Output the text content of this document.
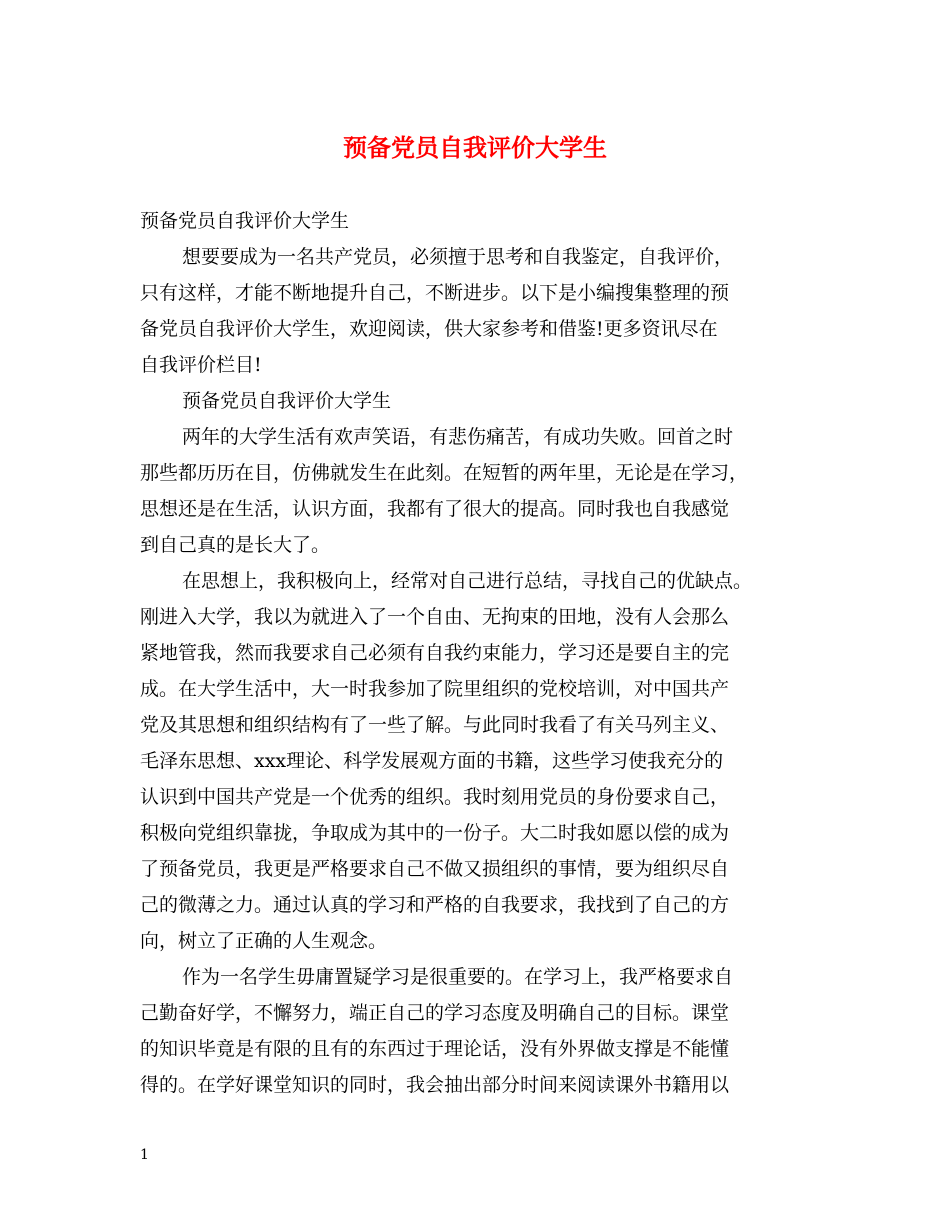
预备党员自我评价大学生
预备党员自我评价大学生
想要要成为一名共产党员，必须擅于思考和自我鉴定，自我评价，
只有这样，才能不断地提升自己，不断进步。以下是小编搜集整理的预
备党员自我评价大学生，欢迎阅读，供大家参考和借鉴!更多资讯尽在
自我评价栏目!
预备党员自我评价大学生
两年的大学生活有欢声笑语，有悲伤痛苦，有成功失败。回首之时
那些都历历在目，仿佛就发生在此刻。在短暂的两年里，无论是在学习，
思想还是在生活，认识方面，我都有了很大的提高。同时我也自我感觉
到自己真的是长大了。
在思想上，我积极向上，经常对自己进行总结，寻找自己的优缺点。
刚进入大学，我以为就进入了一个自由、无拘束的田地，没有人会那么
紧地管我，然而我要求自己必须有自我约束能力，学习还是要自主的完
成。在大学生活中，大一时我参加了院里组织的党校培训，对中国共产
党及其思想和组织结构有了一些了解。与此同时我看了有关马列主义、
毛泽东思想、xxx理论、科学发展观方面的书籍，这些学习使我充分的
认识到中国共产党是一个优秀的组织。我时刻用党员的身份要求自己，
积极向党组织靠拢，争取成为其中的一份子。大二时我如愿以偿的成为
了预备党员，我更是严格要求自己不做又损组织的事情，要为组织尽自
己的微薄之力。通过认真的学习和严格的自我要求，我找到了自己的方
向，树立了正确的人生观念。
作为一名学生毋庸置疑学习是很重要的。在学习上，我严格要求自
己勤奋好学，不懈努力，端正自己的学习态度及明确自己的目标。课堂
的知识毕竟是有限的且有的东西过于理论话，没有外界做支撑是不能懂
得的。在学好课堂知识的同时，我会抽出部分时间来阅读课外书籍用以
1
